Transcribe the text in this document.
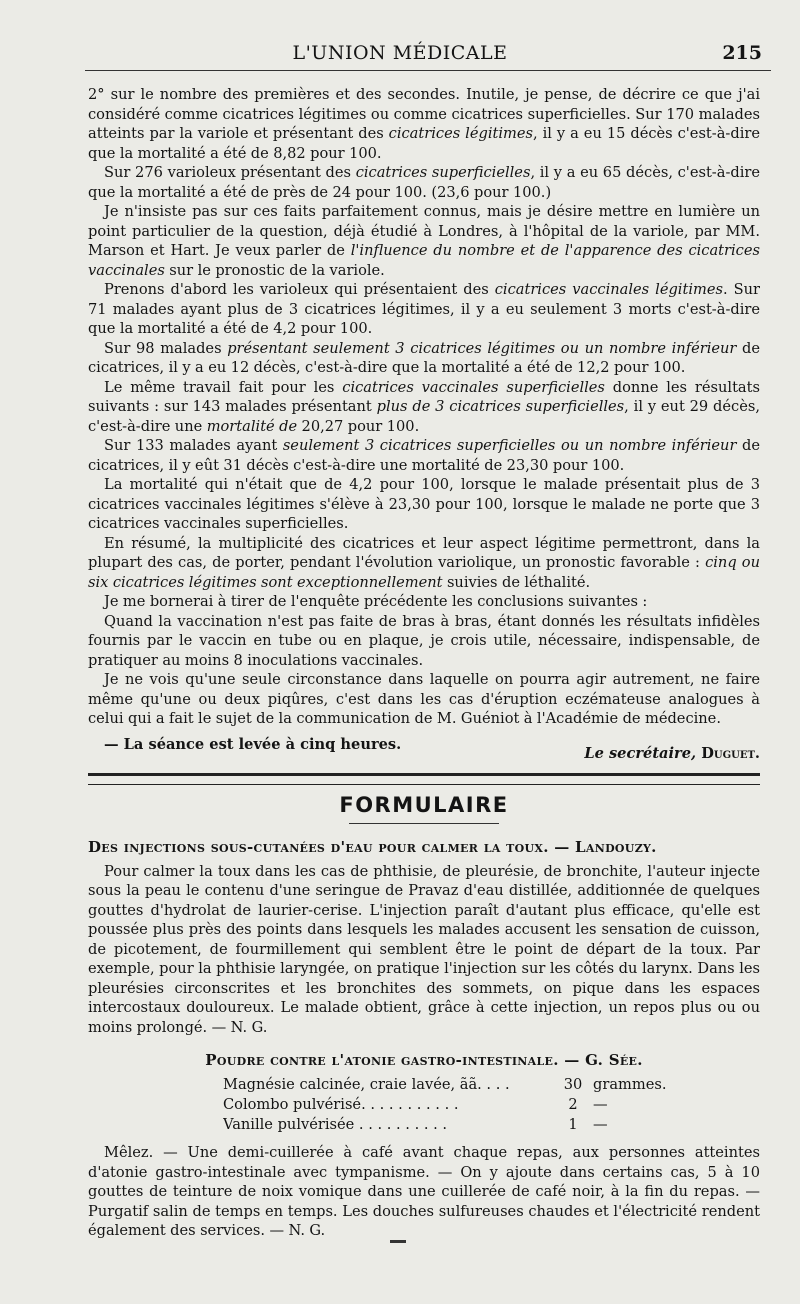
L'UNION MÉDICALE	215

2° sur le nombre des premières et des secondes. Inutile, je pense, de décrire ce que j'ai considéré comme cicatrices légitimes ou comme cicatrices superficielles. Sur 170 malades atteints par la variole et présentant des cicatrices légitimes, il y a eu 15 décès c'est-à-dire que la mortalité a été de 8,82 pour 100.

Sur 276 varioleux présentant des cicatrices superficielles, il y a eu 65 décès, c'est-à-dire que la mortalité a été de près de 24 pour 100. (23,6 pour 100.)

Je n'insiste pas sur ces faits parfaitement connus, mais je désire mettre en lumière un point particulier de la question, déjà étudié à Londres, à l'hôpital de la variole, par MM. Marson et Hart. Je veux parler de l'influence du nombre et de l'apparence des cicatrices vaccinales sur le pronostic de la variole.

Prenons d'abord les varioleux qui présentaient des cicatrices vaccinales légitimes. Sur 71 malades ayant plus de 3 cicatrices légitimes, il y a eu seulement 3 morts c'est-à-dire que la mortalité a été de 4,2 pour 100.

Sur 98 malades présentant seulement 3 cicatrices légitimes ou un nombre inférieur de cicatrices, il y a eu 12 décès, c'est-à-dire que la mortalité a été de 12,2 pour 100.

Le même travail fait pour les cicatrices vaccinales superficielles donne les résultats suivants : sur 143 malades présentant plus de 3 cicatrices superficielles, il y eut 29 décès, c'est-à-dire une mortalité de 20,27 pour 100.

Sur 133 malades ayant seulement 3 cicatrices superficielles ou un nombre inférieur de cicatrices, il y eût 31 décès c'est-à-dire une mortalité de 23,30 pour 100.

La mortalité qui n'était que de 4,2 pour 100, lorsque le malade présentait plus de 3 cicatrices vaccinales légitimes s'élève à 23,30 pour 100, lorsque le malade ne porte que 3 cicatrices vaccinales superficielles.

En résumé, la multiplicité des cicatrices et leur aspect légitime permettront, dans la plupart des cas, de porter, pendant l'évolution variolique, un pronostic favorable : cinq ou six cicatrices légitimes sont exceptionnellement suivies de léthalité.

Je me bornerai à tirer de l'enquête précédente les conclusions suivantes :

Quand la vaccination n'est pas faite de bras à bras, étant donnés les résultats infidèles fournis par le vaccin en tube ou en plaque, je crois utile, nécessaire, indispensable, de pratiquer au moins 8 inoculations vaccinales.

Je ne vois qu'une seule circonstance dans laquelle on pourra agir autrement, ne faire même qu'une ou deux piqûres, c'est dans les cas d'éruption eczémateuse analogues à celui qui a fait le sujet de la communication de M. Guéniot à l'Académie de médecine.

— La séance est levée à cinq heures.
Le secrétaire, Duguet.
FORMULAIRE
Des injections sous-cutanées d'eau pour calmer la toux. — Landouzy.

Pour calmer la toux dans les cas de phthisie, de pleurésie, de bronchite, l'auteur injecte sous la peau le contenu d'une seringue de Pravaz d'eau distillée, additionnée de quelques gouttes d'hydrolat de laurier-cerise. L'injection paraît d'autant plus efficace, qu'elle est poussée plus près des points dans lesquels les malades accusent les sensation de cuisson, de picotement, de fourmillement qui semblent être le point de départ de la toux. Par exemple, pour la phthisie laryngée, on pratique l'injection sur les côtés du larynx. Dans les pleurésies circonscrites et les bronchites des sommets, on pique dans les espaces intercostaux douloureux. Le malade obtient, grâce à cette injection, un repos plus ou ou moins prolongé. — N. G.

Poudre contre l'atonie gastro-intestinale. — G. Sée.
Magnésie calcinée, craie lavée, ãã. . . .	30 grammes.
Colombo pulvérisé. . . . . . . . . . .	2	—
Vanille pulvérisée . . . . . . . . . .	1	—

Mêlez. — Une demi-cuillerée à café avant chaque repas, aux personnes atteintes d'atonie gastro-intestinale avec tympanisme. — On y ajoute dans certains cas, 5 à 10 gouttes de teinture de noix vomique dans une cuillerée de café noir, à la fin du repas. — Purgatif salin de temps en temps. Les douches sulfureuses chaudes et l'électricité rendent également des services. — N. G.
